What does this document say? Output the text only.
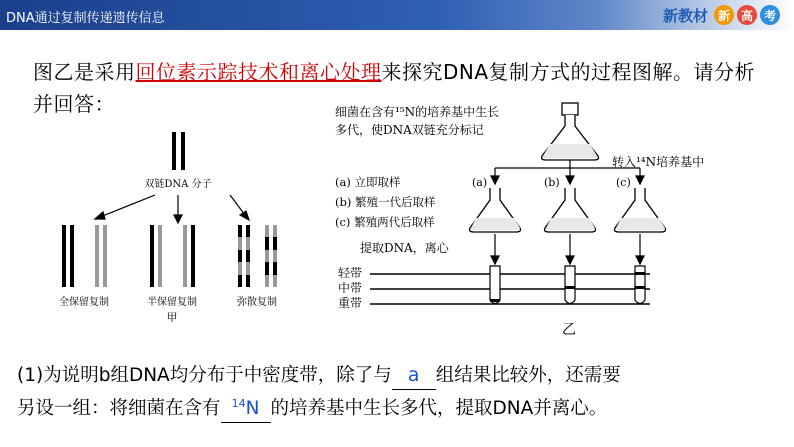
DNA通过复制传递遗传信息	新教材 新 高 考
图乙是采用回位素示踪技术和离心处理来探究DNA复制方式的过程图解。请分析并回答：
双链DNA 分子
全保留复制	半保留复制
甲
弥散复制
细菌在含有¹⁵N的培养基中生长
多代，使DNA双链充分标记
转入¹⁴N培养基中
(a) 立即取样
(b) 繁殖一代后取样
(c) 繁殖两代后取样
(a)	(b)	(c)
提取DNA，离心
轻带
中带
重带
乙
(1)为说明b组DNA均分布于中密度带，除了与 a 组结果比较外，还需要
另设一组：将细菌在含有 $^{14}$N 的培养基中生长多代，提取DNA并离心。
